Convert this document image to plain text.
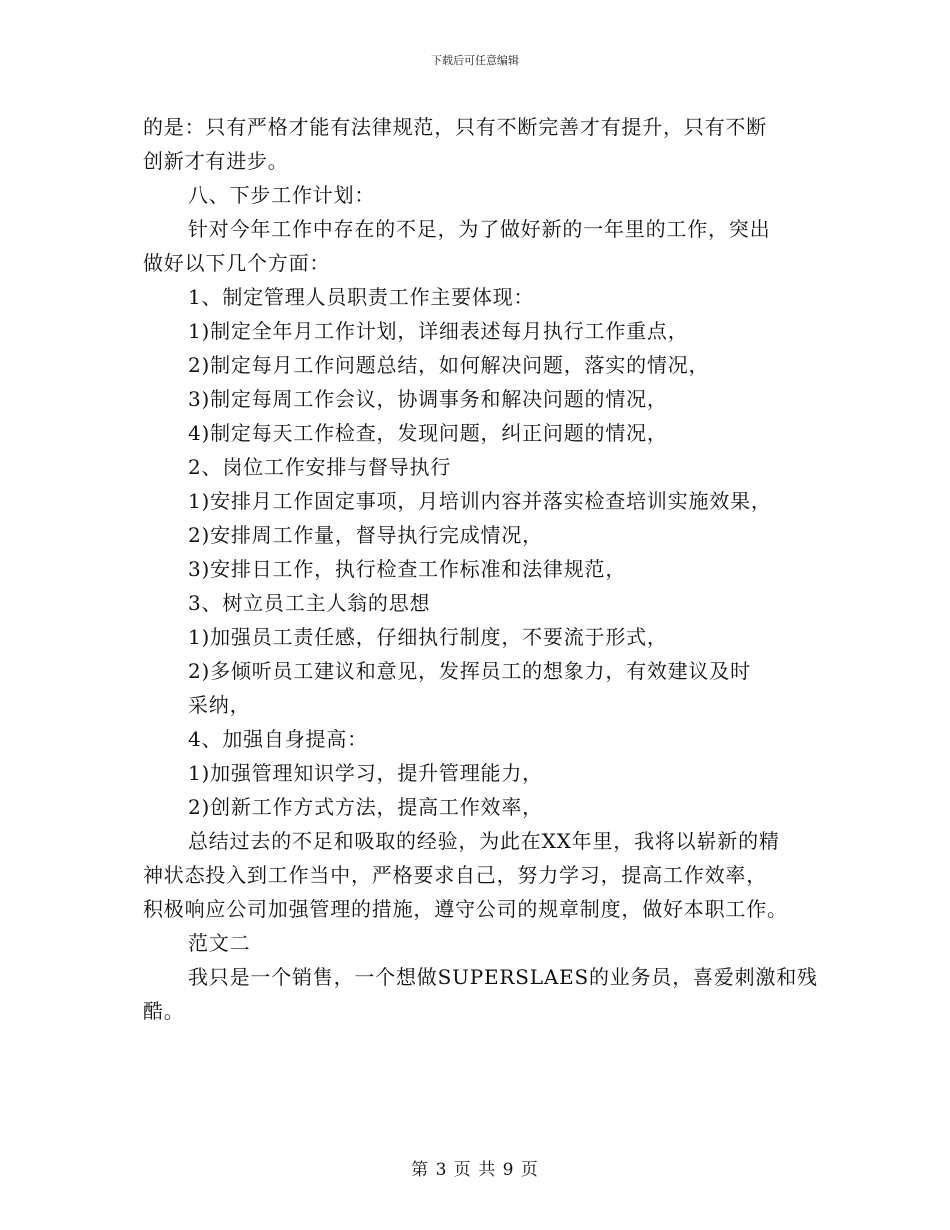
下载后可任意编辑
的是：只有严格才能有法律规范，只有不断完善才有提升，只有不断
创新才有进步。
八、下步工作计划：
针对今年工作中存在的不足，为了做好新的一年里的工作，突出
做好以下几个方面：
1、制定管理人员职责工作主要体现：
1)制定全年月工作计划，详细表述每月执行工作重点，
2)制定每月工作问题总结，如何解决问题，落实的情况，
3)制定每周工作会议，协调事务和解决问题的情况，
4)制定每天工作检查，发现问题，纠正问题的情况，
2、岗位工作安排与督导执行
1)安排月工作固定事项，月培训内容并落实检查培训实施效果，
2)安排周工作量，督导执行完成情况，
3)安排日工作，执行检查工作标准和法律规范，
3、树立员工主人翁的思想
1)加强员工责任感，仔细执行制度，不要流于形式，
2)多倾听员工建议和意见，发挥员工的想象力，有效建议及时
采纳，
4、加强自身提高：
1)加强管理知识学习，提升管理能力，
2)创新工作方式方法，提高工作效率，
总结过去的不足和吸取的经验，为此在XX年里，我将以崭新的精
神状态投入到工作当中，严格要求自己，努力学习，提高工作效率，
积极响应公司加强管理的措施，遵守公司的规章制度，做好本职工作。
范文二
我只是一个销售，一个想做SUPERSLAES的业务员，喜爱刺激和残
酷。
第 3 页 共 9 页
